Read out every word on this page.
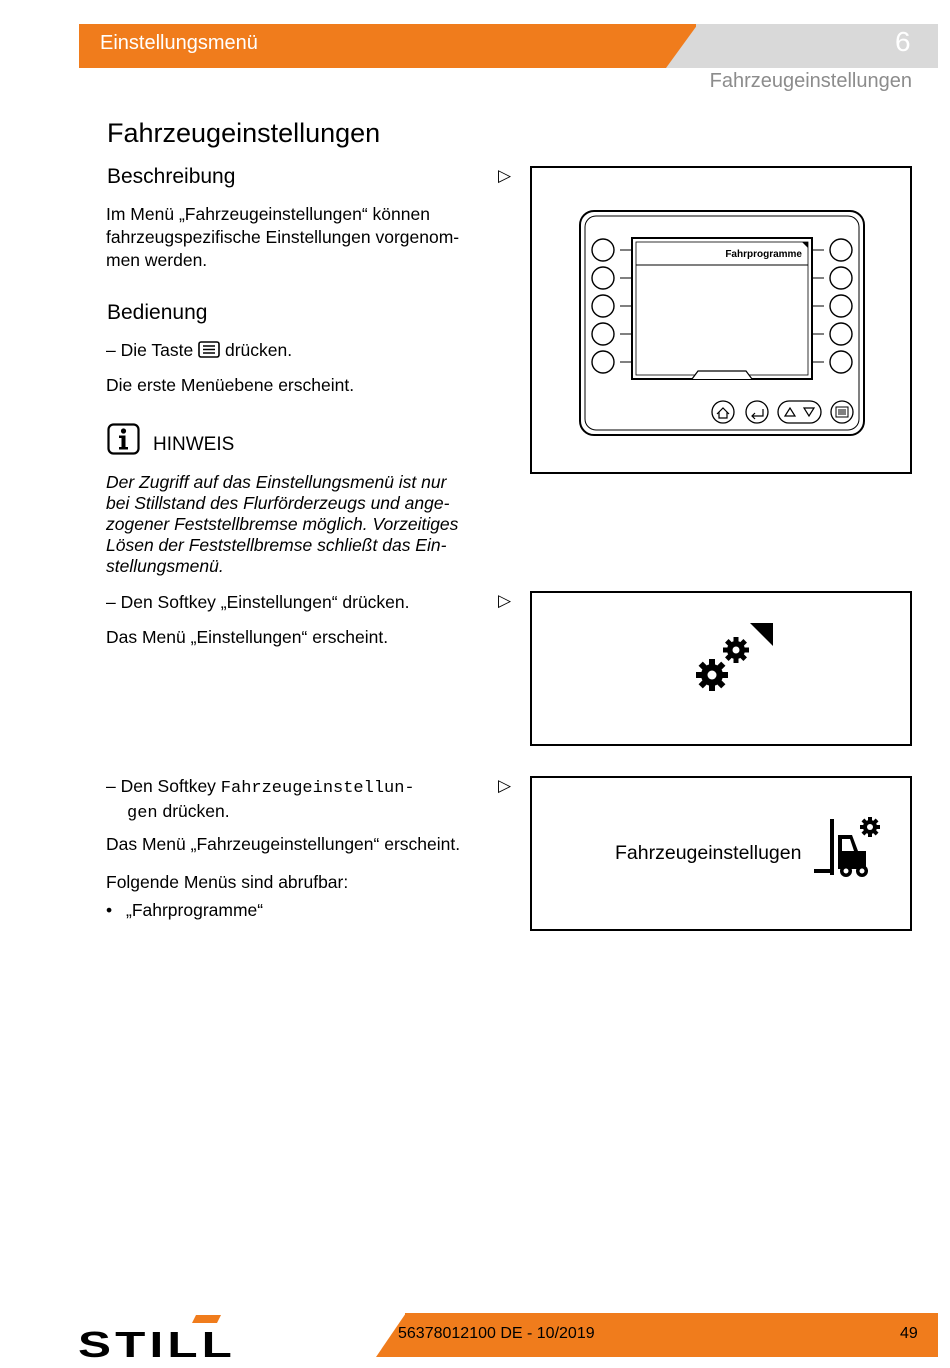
Einstellungsmenü	6
Fahrzeugeinstellungen
Fahrzeugeinstellungen
Beschreibung
Im Menü „Fahrzeugeinstellungen“ können
fahrzeugspezifische Einstellungen vorgenom-
men werden.
Bedienung
– Die Taste drücken.
Die erste Menüebene erscheint.
HINWEIS
Der Zugriff auf das Einstellungsmenü ist nur
bei Stillstand des Flurförderzeugs und ange-
zogener Feststellbremse möglich. Vorzeitiges
Lösen der Feststellbremse schließt das Ein-
stellungsmenü.
– Den Softkey „Einstellungen“ drücken.
Das Menü „Einstellungen“ erscheint.
– Den Softkey Fahrzeugeinstellun-
gen drücken.
Das Menü „Fahrzeugeinstellungen“ erscheint.
Folgende Menüs sind abrufbar:
• „Fahrprogramme“
▷
▷
▷
Fahrprogramme
Fahrzeugeinstellugen
56378012100 DE - 10/2019	49
STILL
